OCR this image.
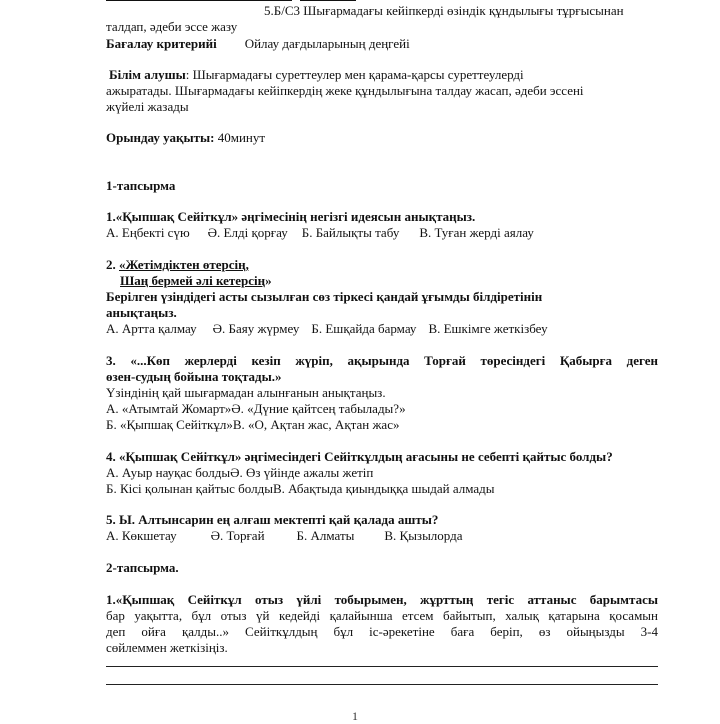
5.Б/С3 Шығармадағы кейіпкерді өзіндік құндылығы тұрғысынан
талдап, әдеби эссе жазу
Бағалау критерийі Ойлау дағдыларының деңгейі
Білім алушы: Шығармадағы суреттеулер мен қарама-қарсы суреттеулерді
ажыратады. Шығармадағы кейіпкердің жеке құндылығына талдау жасап, әдеби эссені
жүйелі жазады
Орындау уақыты: 40минут
1-тапсырма
1.«Қыпшақ Сейіткұл» әңгімесінің негізгі идеясын анықтаңыз.
А. Еңбекті сүю Ә. Елді қорғау Б. Байлықты табу В. Туған жерді аялау
2. «Жетімдіктен өтерсің,
Шаң бермей әлі кетерсің»
Берілген үзіндідегі асты сызылған сөз тіркесі қандай ұғымды білдіретінін
анықтаңыз.
А. Артта қалмау Ә. Баяу жүрмеу Б. Ешқайда бармау В. Ешкімге жеткізбеу
3. «...Көп жерлерді кезіп жүріп, ақырында Торғай төресіндегі Қабырға деген
өзен-судың бойына тоқтады.»
Үзіндінің қай шығармадан алынғанын анықтаңыз.
А. «Атымтай Жомарт»Ә. «Дүние қайтсең табылады?»
Б. «Қыпшақ Сейіткұл»В. «О, Ақтан жас, Ақтан жас»
4. «Қыпшақ Сейіткұл» әңгімесіндегі Сейіткұлдың ағасыны не себепті қайтыс болды?
А. Ауыр науқас болдыӘ. Өз үйінде ажалы жетіп
Б. Кісі қолынан қайтыс болдыВ. Абақтыда қиындыққа шыдай алмады
5. Ы. Алтынсарин ең алғаш мектепті қай қалада ашты?
А. Көкшетау	Ә. Торғай Б. Алматы В. Қызылорда
2-тапсырма.
1.«Қыпшақ Сейіткұл отыз үйлі тобырымен, жұрттың тегіс аттаныс барымтасы
бар уақытта, бұл отыз үй кедейді қалайынша етсем байытып, халық қатарына қосамын
деп ойға қалды..» Сейіткұлдың бұл іс-әрекетіне баға беріп, өз ойыңызды 3-4
сөйлеммен жеткізіңіз.
1
